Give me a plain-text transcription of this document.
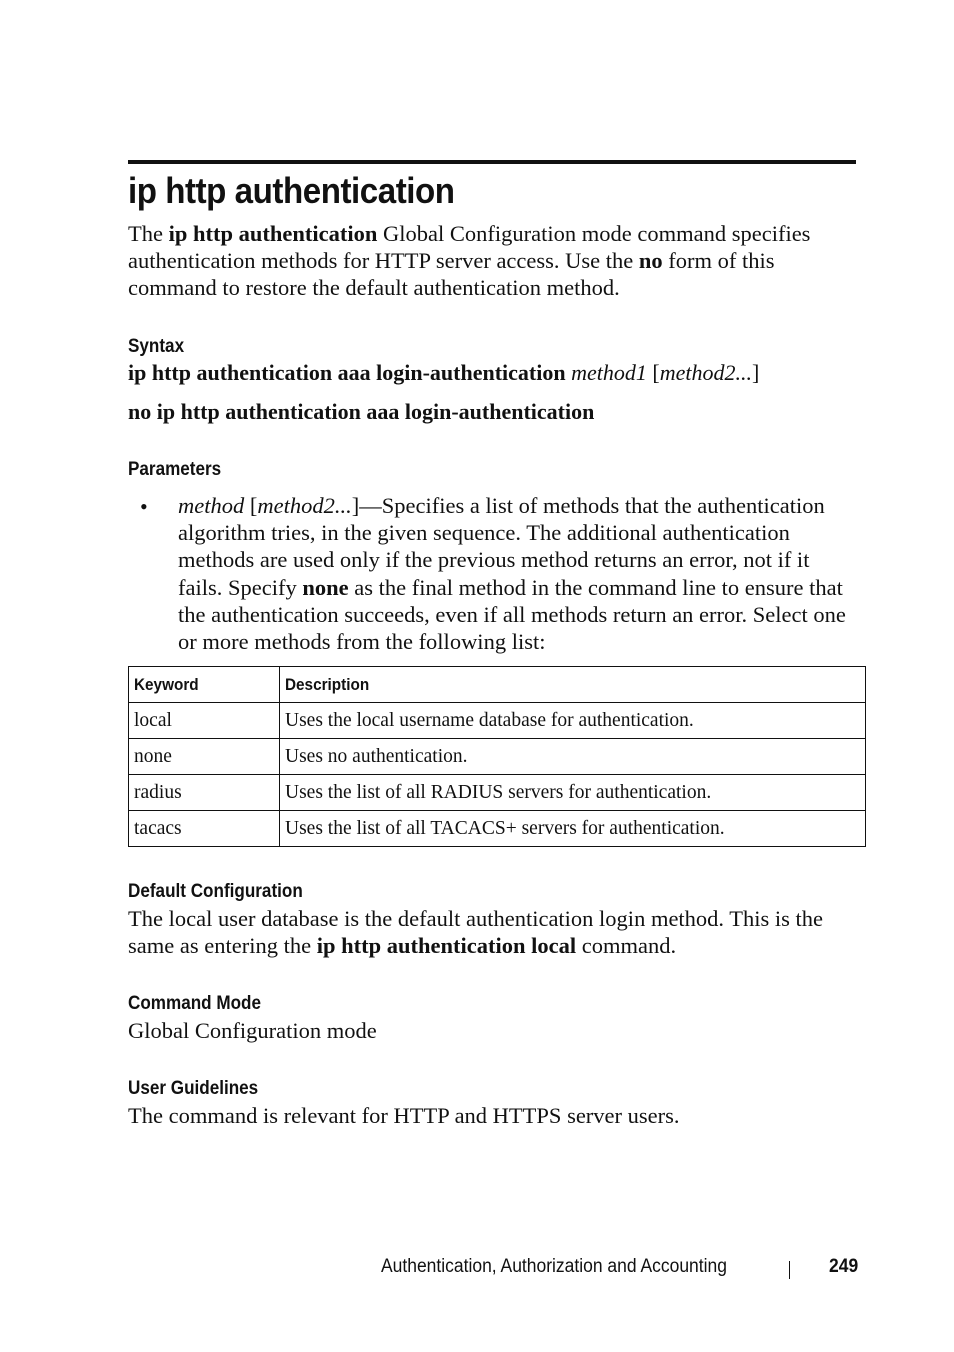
ip http authentication

The ip http authentication Global Configuration mode command specifies authentication methods for HTTP server access. Use the no form of this command to restore the default authentication method.

Syntax

ip http authentication aaa login-authentication method1 [method2...]

no ip http authentication aaa login-authentication

Parameters
• method [method2...]—Specifies a list of methods that the authentication algorithm tries, in the given sequence. The additional authentication methods are used only if the previous method returns an error, not if it fails. Specify none as the final method in the command line to ensure that the authentication succeeds, even if all methods return an error. Select one or more methods from the following list:

Keyword	Description
local	Uses the local username database for authentication.
none	Uses no authentication.
radius	Uses the list of all RADIUS servers for authentication.
tacacs	Uses the list of all TACACS+ servers for authentication.
Default Configuration

The local user database is the default authentication login method. This is the same as entering the ip http authentication local command.

Command Mode

Global Configuration mode

User Guidelines

The command is relevant for HTTP and HTTPS server users.

Authentication, Authorization and Accounting	249
